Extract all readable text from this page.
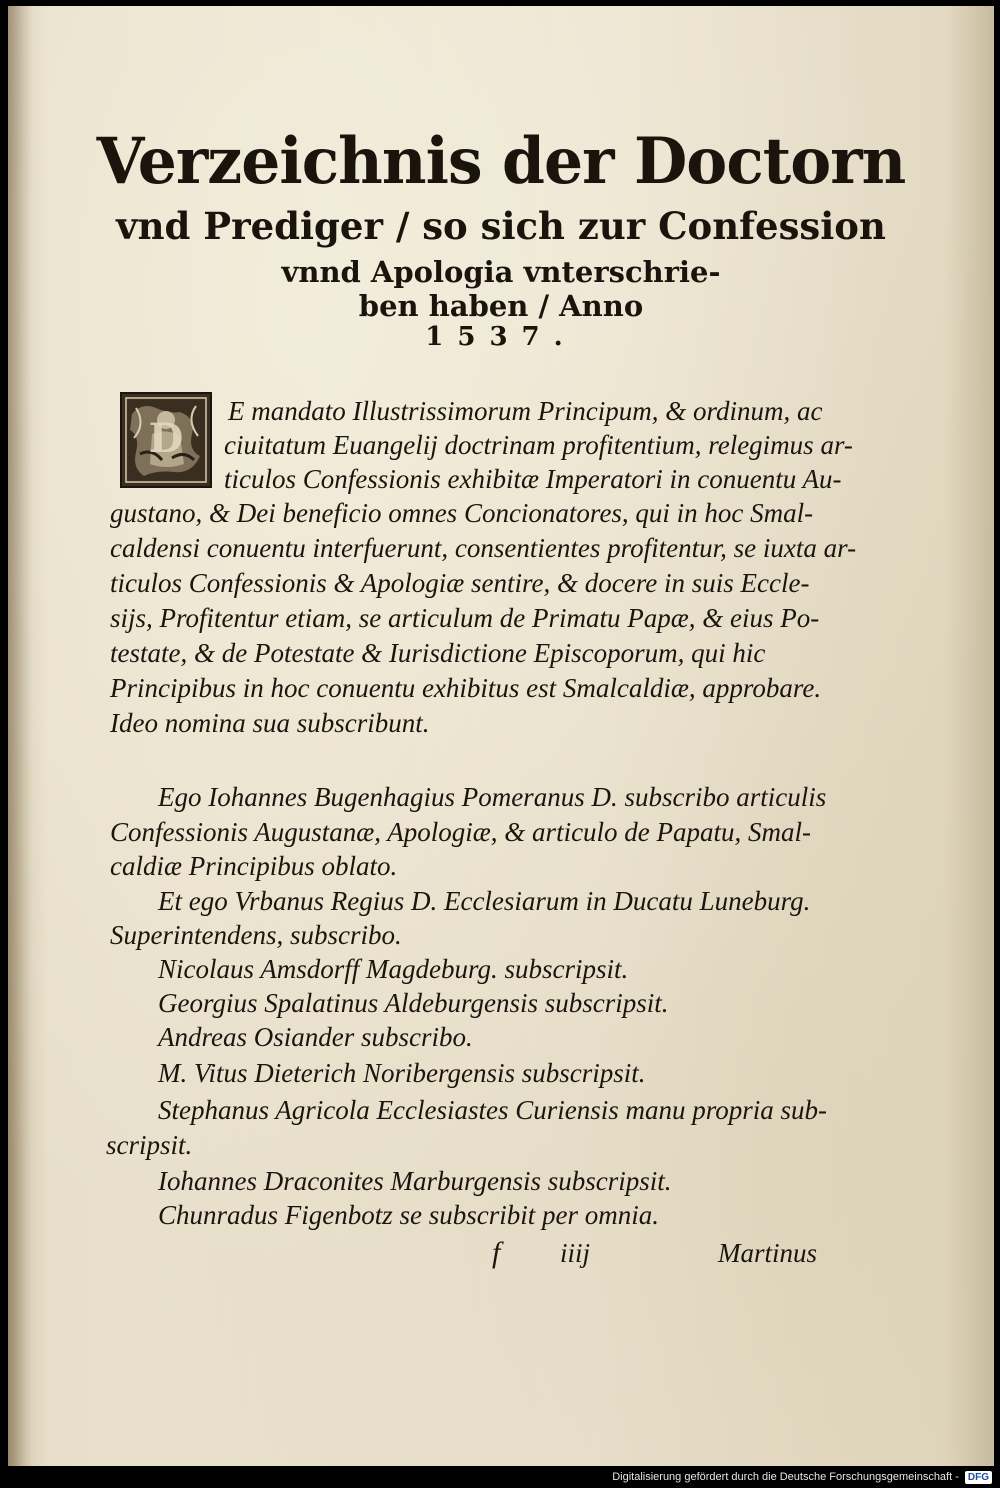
Verzeichnis der Doctorn
vnd Prediger / so sich zur Confession
vnnd Apologia vnterschrie-
ben haben / Anno
1537.
D
E mandato Illustrissimorum Principum, & ordinum, ac
ciuitatum Euangelij doctrinam profitentium, relegimus ar-
ticulos Confessionis exhibitæ Imperatori in conuentu Au-
gustano, & Dei beneficio omnes Concionatores, qui in hoc Smal-
caldensi conuentu interfuerunt, consentientes profitentur, se iuxta ar-
ticulos Confessionis & Apologiæ sentire, & docere in suis Eccle-
sijs, Profitentur etiam, se articulum de Primatu Papæ, & eius Po-
testate, & de Potestate & Iurisdictione Episcoporum, qui hic
Principibus in hoc conuentu exhibitus est Smalcaldiæ, approbare.
Ideo nomina sua subscribunt.
Ego Iohannes Bugenhagius Pomeranus D. subscribo articulis
Confessionis Augustanæ, Apologiæ, & articulo de Papatu, Smal-
caldiæ Principibus oblato.
Et ego Vrbanus Regius D. Ecclesiarum in Ducatu Luneburg.
Superintendens, subscribo.
Nicolaus Amsdorff Magdeburg. subscripsit.
Georgius Spalatinus Aldeburgensis subscripsit.
Andreas Osiander subscribo.
M. Vitus Dieterich Noribergensis subscripsit.
Stephanus Agricola Ecclesiastes Curiensis manu propria sub-
scripsit.
Iohannes Draconites Marburgensis subscripsit.
Chunradus Figenbotz se subscribit per omnia.
f iiij	Martinus
Digitalisierung gefördert durch die Deutsche Forschungsgemeinschaft - DFG
